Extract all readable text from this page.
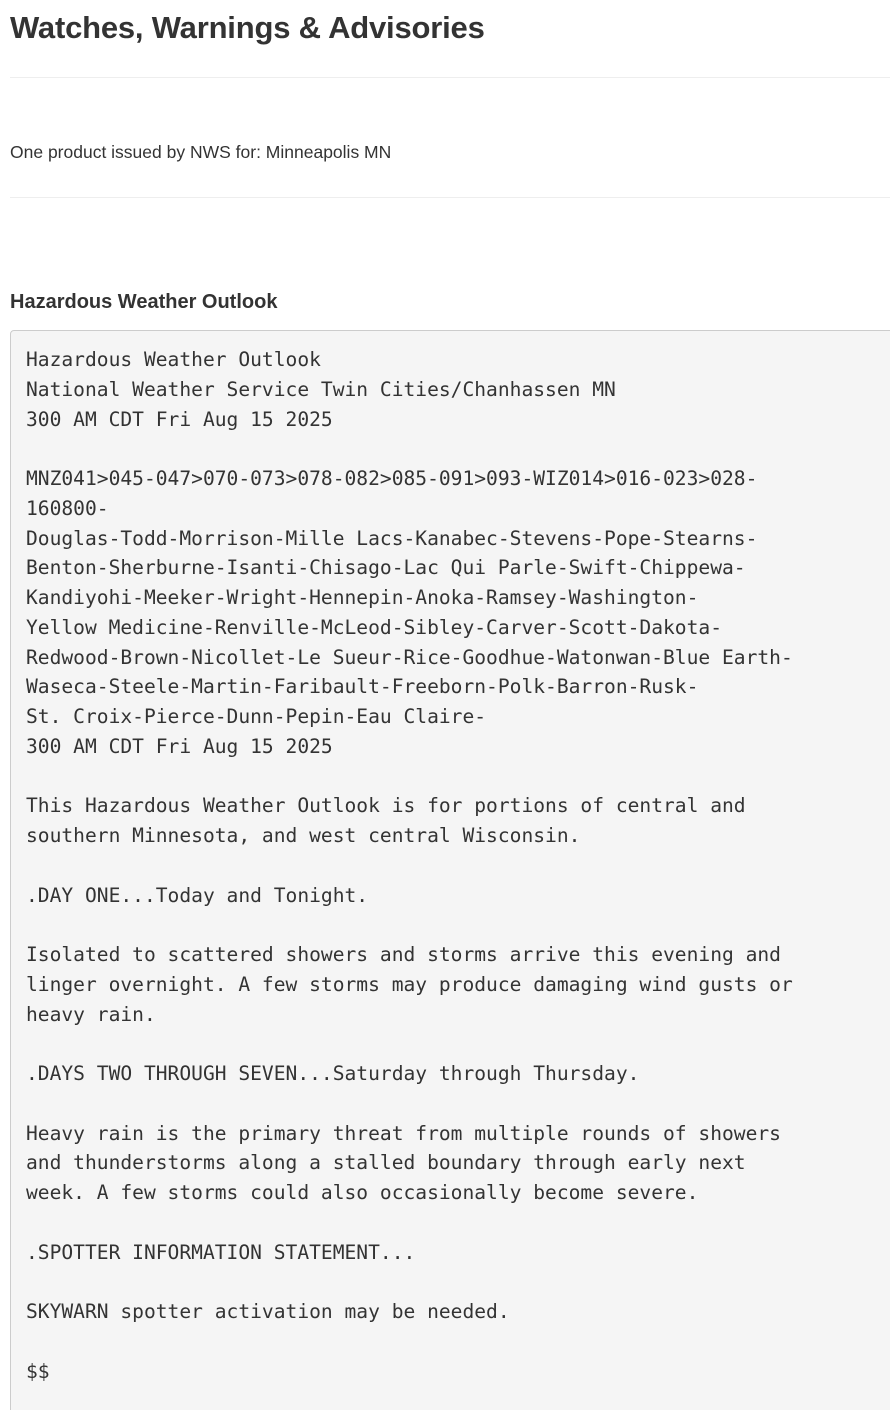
Watches, Warnings & Advisories
One product issued by NWS for: Minneapolis MN
Hazardous Weather Outlook
Hazardous Weather Outlook
National Weather Service Twin Cities/Chanhassen MN
300 AM CDT Fri Aug 15 2025

MNZ041>045-047>070-073>078-082>085-091>093-WIZ014>016-023>028-
160800-
Douglas-Todd-Morrison-Mille Lacs-Kanabec-Stevens-Pope-Stearns-
Benton-Sherburne-Isanti-Chisago-Lac Qui Parle-Swift-Chippewa-
Kandiyohi-Meeker-Wright-Hennepin-Anoka-Ramsey-Washington-
Yellow Medicine-Renville-McLeod-Sibley-Carver-Scott-Dakota-
Redwood-Brown-Nicollet-Le Sueur-Rice-Goodhue-Watonwan-Blue Earth-
Waseca-Steele-Martin-Faribault-Freeborn-Polk-Barron-Rusk-
St. Croix-Pierce-Dunn-Pepin-Eau Claire-
300 AM CDT Fri Aug 15 2025

This Hazardous Weather Outlook is for portions of central and
southern Minnesota, and west central Wisconsin.

.DAY ONE...Today and Tonight.

Isolated to scattered showers and storms arrive this evening and
linger overnight. A few storms may produce damaging wind gusts or
heavy rain.

.DAYS TWO THROUGH SEVEN...Saturday through Thursday.

Heavy rain is the primary threat from multiple rounds of showers
and thunderstorms along a stalled boundary through early next
week. A few storms could also occasionally become severe.

.SPOTTER INFORMATION STATEMENT...

SKYWARN spotter activation may be needed.

$$
